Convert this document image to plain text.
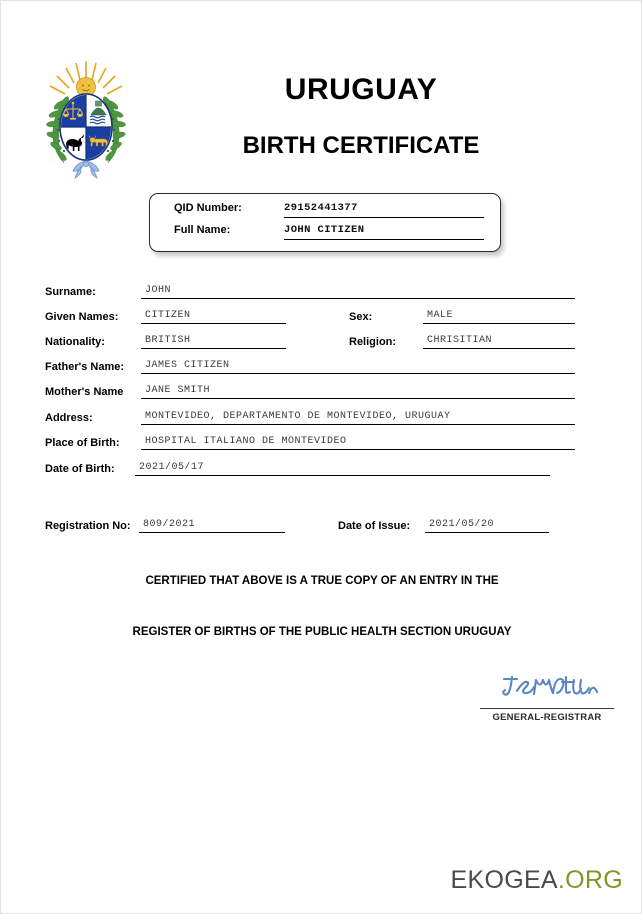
URUGUAY
BIRTH CERTIFICATE
QID Number:	29152441377
Full Name:	JOHN CITIZEN
Surname:	JOHN
Given Names:	CITIZEN	Sex:	MALE
Nationality:	BRITISH	Religion:	CHRISITIAN
Father's Name:	JAMES CITIZEN
Mother's Name	JANE SMITH
Address:	MONTEVIDEO, DEPARTAMENTO DE MONTEVIDEO, URUGUAY
Place of Birth:	HOSPITAL ITALIANO DE MONTEVIDEO
Date of Birth:	2021/05/17
Registration No:	809/2021	Date of Issue:	2021/05/20
CERTIFIED THAT ABOVE IS A TRUE COPY OF AN ENTRY IN THE
REGISTER OF BIRTHS OF THE PUBLIC HEALTH SECTION URUGUAY
GENERAL-REGISTRAR
EKOGEA.ORG
